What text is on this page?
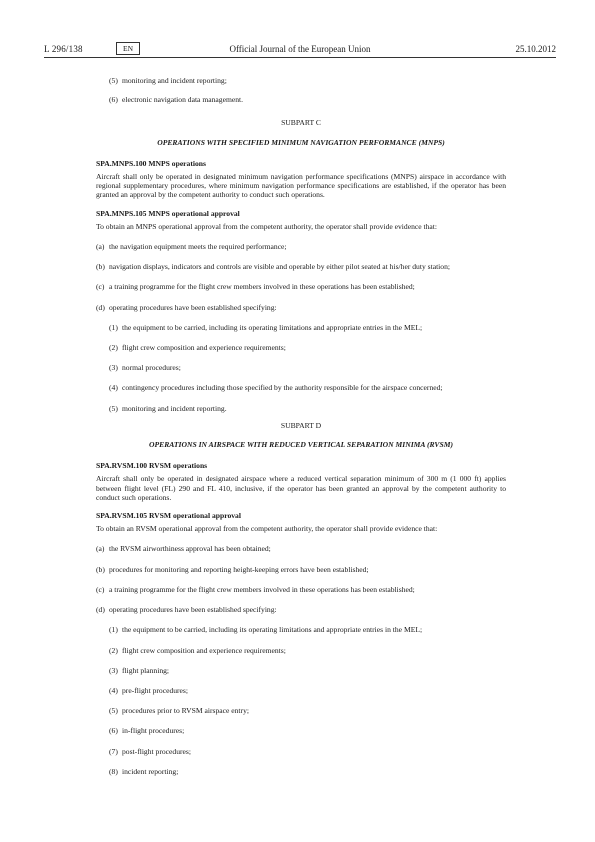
L 296/138	EN	Official Journal of the European Union	25.10.2012

(5) monitoring and incident reporting;

(6) electronic navigation data management.

SUBPART C

OPERATIONS WITH SPECIFIED MINIMUM NAVIGATION PERFORMANCE (MNPS)

SPA.MNPS.100 MNPS operations

Aircraft shall only be operated in designated minimum navigation performance specifications (MNPS) airspace in accordance with regional supplementary procedures, where minimum navigation performance specifications are established, if the operator has been granted an approval by the competent authority to conduct such operations.

SPA.MNPS.105 MNPS operational approval

To obtain an MNPS operational approval from the competent authority, the operator shall provide evidence that:

(a) the navigation equipment meets the required performance;

(b) navigation displays, indicators and controls are visible and operable by either pilot seated at his/her duty station;

(c) a training programme for the flight crew members involved in these operations has been established;

(d) operating procedures have been established specifying:

(1) the equipment to be carried, including its operating limitations and appropriate entries in the MEL;

(2) flight crew composition and experience requirements;

(3) normal procedures;

(4) contingency procedures including those specified by the authority responsible for the airspace concerned;

(5) monitoring and incident reporting.

SUBPART D

OPERATIONS IN AIRSPACE WITH REDUCED VERTICAL SEPARATION MINIMA (RVSM)

SPA.RVSM.100 RVSM operations

Aircraft shall only be operated in designated airspace where a reduced vertical separation minimum of 300 m (1 000 ft) applies between flight level (FL) 290 and FL 410, inclusive, if the operator has been granted an approval by the competent authority to conduct such operations.

SPA.RVSM.105 RVSM operational approval

To obtain an RVSM operational approval from the competent authority, the operator shall provide evidence that:

(a) the RVSM airworthiness approval has been obtained;

(b) procedures for monitoring and reporting height-keeping errors have been established;

(c) a training programme for the flight crew members involved in these operations has been established;

(d) operating procedures have been established specifying:

(1) the equipment to be carried, including its operating limitations and appropriate entries in the MEL;

(2) flight crew composition and experience requirements;

(3) flight planning;

(4) pre-flight procedures;

(5) procedures prior to RVSM airspace entry;

(6) in-flight procedures;

(7) post-flight procedures;

(8) incident reporting;
